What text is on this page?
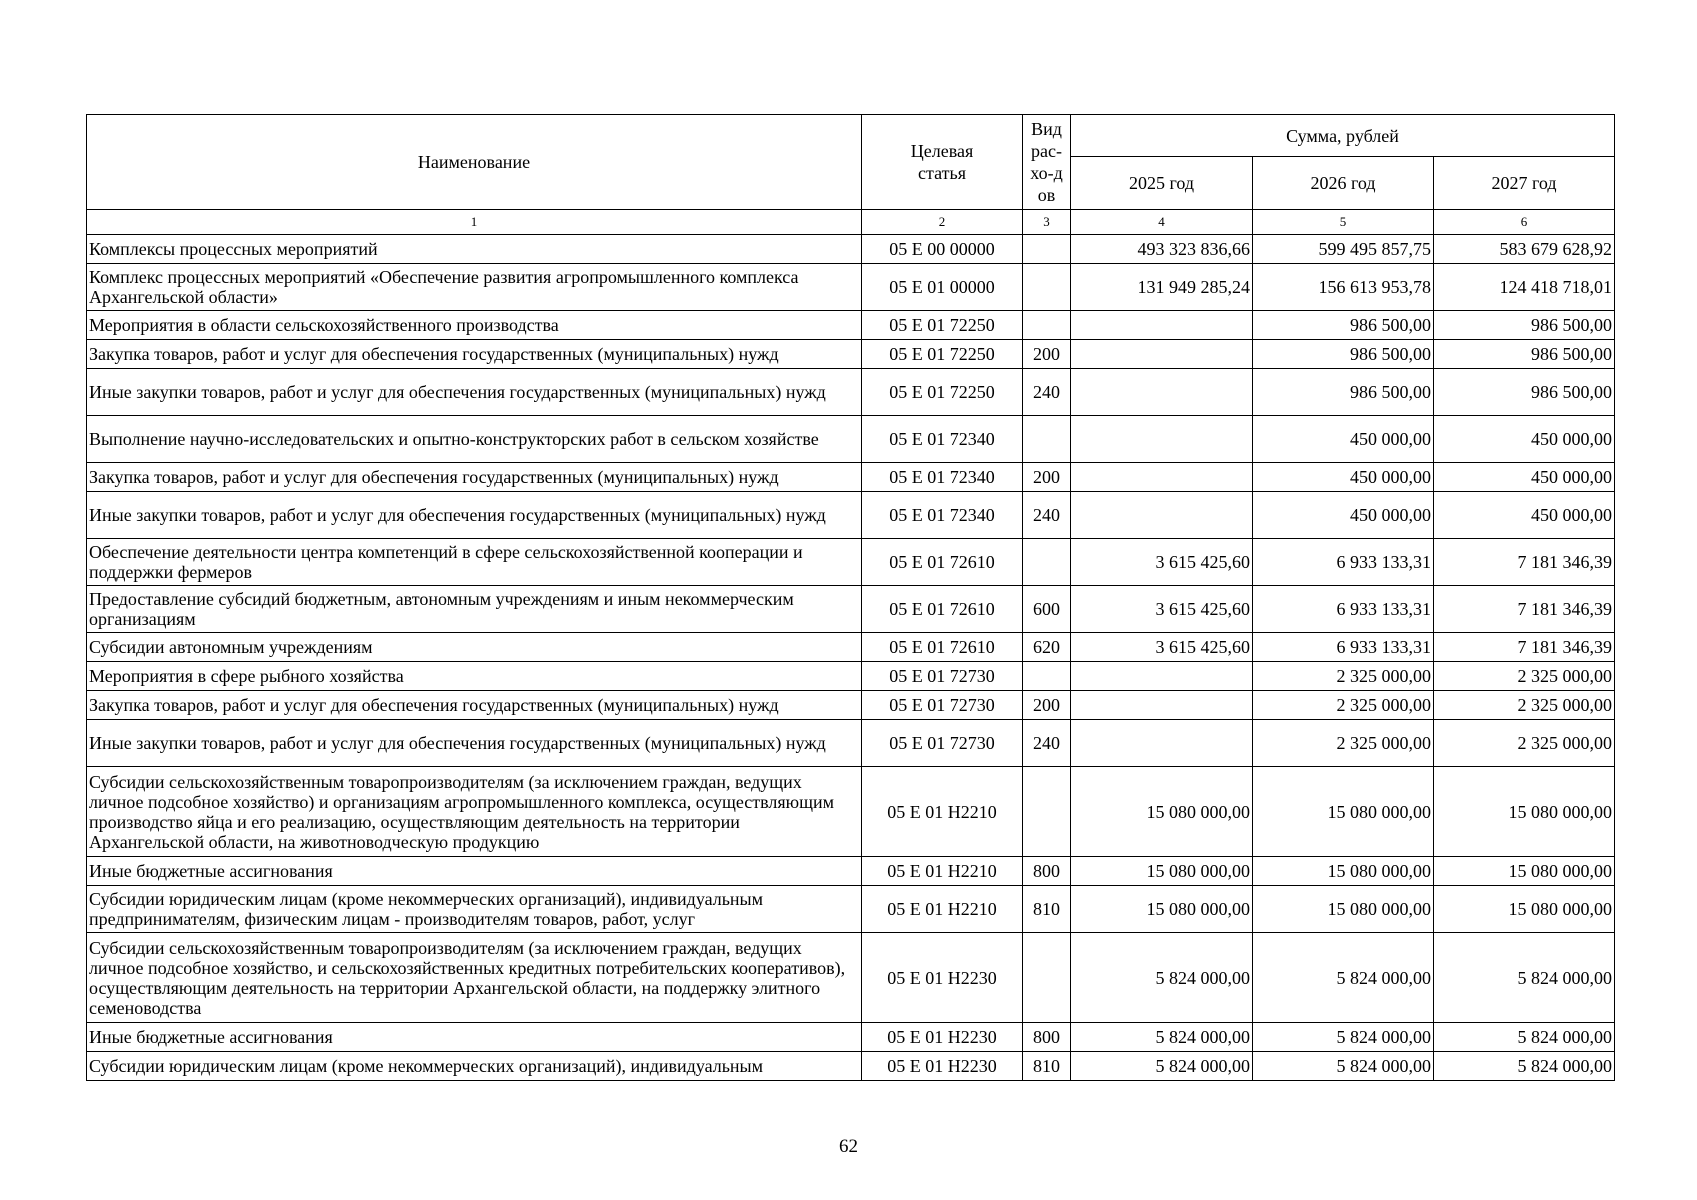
Наименование	Целевая статья	Вид рас-хо-дов	Сумма, рублей		
			2025 год	2026 год	2027 год
1	2	3	4	5	6
Комплексы процессных мероприятий	05 Е 00 00000		493 323 836,66	599 495 857,75	583 679 628,92
Комплекс процессных мероприятий «Обеспечение развития агропромышленного комплекса Архангельской области»	05 Е 01 00000		131 949 285,24	156 613 953,78	124 418 718,01
Мероприятия в области сельскохозяйственного производства	05 Е 01 72250			986 500,00	986 500,00
Закупка товаров, работ и услуг для обеспечения государственных (муниципальных) нужд	05 Е 01 72250	200		986 500,00	986 500,00
Иные закупки товаров, работ и услуг для обеспечения государственных (муниципальных) нужд	05 Е 01 72250	240		986 500,00	986 500,00
Выполнение научно-исследовательских и опытно-конструкторских работ в сельском хозяйстве	05 Е 01 72340			450 000,00	450 000,00
Закупка товаров, работ и услуг для обеспечения государственных (муниципальных) нужд	05 Е 01 72340	200		450 000,00	450 000,00
Иные закупки товаров, работ и услуг для обеспечения государственных (муниципальных) нужд	05 Е 01 72340	240		450 000,00	450 000,00
Обеспечение деятельности центра компетенций в сфере сельскохозяйственной кооперации и поддержки фермеров	05 Е 01 72610		3 615 425,60	6 933 133,31	7 181 346,39
Предоставление субсидий бюджетным, автономным учреждениям и иным некоммерческим организациям	05 Е 01 72610	600	3 615 425,60	6 933 133,31	7 181 346,39
Субсидии автономным учреждениям	05 Е 01 72610	620	3 615 425,60	6 933 133,31	7 181 346,39
Мероприятия в сфере рыбного хозяйства	05 Е 01 72730			2 325 000,00	2 325 000,00
Закупка товаров, работ и услуг для обеспечения государственных (муниципальных) нужд	05 Е 01 72730	200		2 325 000,00	2 325 000,00
Иные закупки товаров, работ и услуг для обеспечения государственных (муниципальных) нужд	05 Е 01 72730	240		2 325 000,00	2 325 000,00
Субсидии сельскохозяйственным товаропроизводителям (за исключением граждан, ведущих личное подсобное хозяйство) и организациям агропромышленного комплекса, осуществляющим производство яйца и его реализацию, осуществляющим деятельность на территории Архангельской области, на животноводческую продукцию	05 Е 01 Н2210		15 080 000,00	15 080 000,00	15 080 000,00
Иные бюджетные ассигнования	05 Е 01 Н2210	800	15 080 000,00	15 080 000,00	15 080 000,00
Субсидии юридическим лицам (кроме некоммерческих организаций), индивидуальным предпринимателям, физическим лицам - производителям товаров, работ, услуг	05 Е 01 Н2210	810	15 080 000,00	15 080 000,00	15 080 000,00
Субсидии сельскохозяйственным товаропроизводителям (за исключением граждан, ведущих личное подсобное хозяйство, и сельскохозяйственных кредитных потребительских кооперативов), осуществляющим деятельность на территории Архангельской области, на поддержку элитного семеноводства	05 Е 01 Н2230		5 824 000,00	5 824 000,00	5 824 000,00
Иные бюджетные ассигнования	05 Е 01 Н2230	800	5 824 000,00	5 824 000,00	5 824 000,00
Субсидии юридическим лицам (кроме некоммерческих организаций), индивидуальным	05 Е 01 Н2230	810	5 824 000,00	5 824 000,00	5 824 000,00
62
